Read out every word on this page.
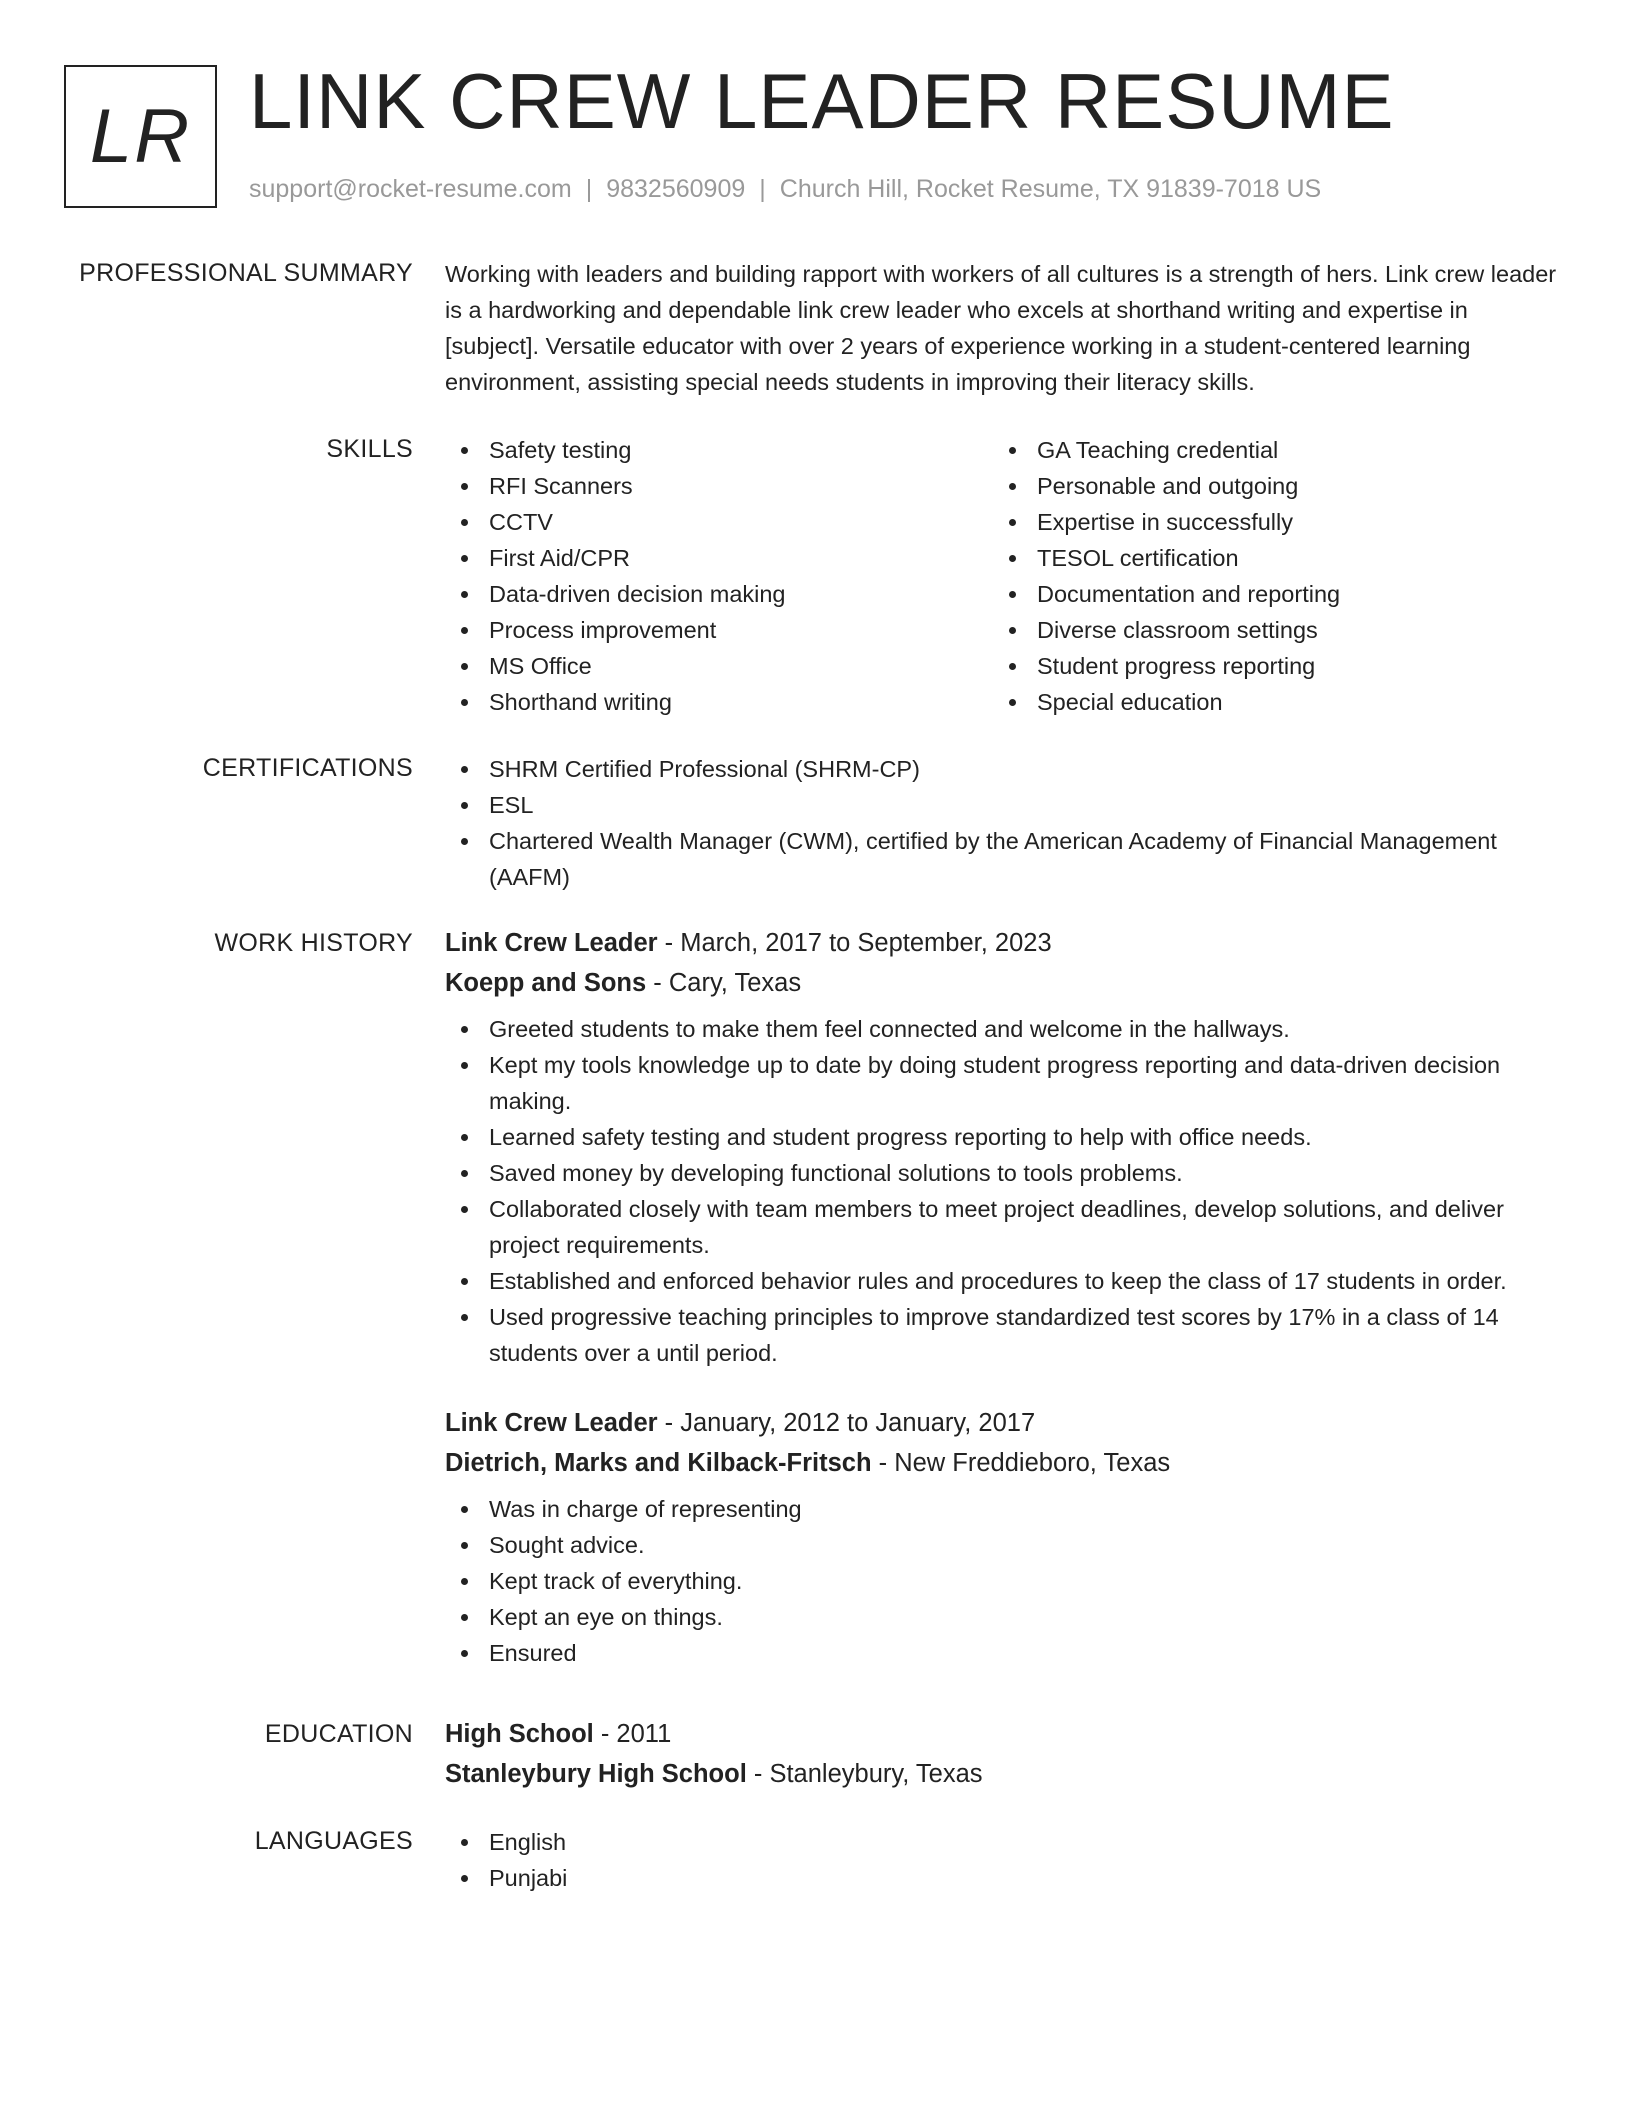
LR LINK CREW LEADER RESUME
support@rocket-resume.com | 9832560909 | Church Hill, Rocket Resume, TX 91839-7018 US
PROFESSIONAL SUMMARY Working with leaders and building rapport with workers of all cultures is a strength of hers. Link crew leader is a hardworking and dependable link crew leader who excels at shorthand writing and expertise in [subject]. Versatile educator with over 2 years of experience working in a student-centered learning environment, assisting special needs students in improving their literacy skills.

SKILLS	Safety testing
RFI Scanners
CCTV
First Aid/CPR
Data-driven decision making
Process improvement
MS Office
Shorthand writing
GA Teaching credential
Personable and outgoing
Expertise in successfully
TESOL certification
Documentation and reporting
Diverse classroom settings
Student progress reporting
Special education
CERTIFICATIONS	SHRM Certified Professional (SHRM-CP)
ESL
Chartered Wealth Manager (CWM), certified by the American Academy of Financial Management (AAFM)
WORK HISTORY Link Crew Leader - March, 2017 to September, 2023
Koepp and Sons - Cary, Texas
Greeted students to make them feel connected and welcome in the hallways.
Kept my tools knowledge up to date by doing student progress reporting and data-driven decision making.
Learned safety testing and student progress reporting to help with office needs.
Saved money by developing functional solutions to tools problems.
Collaborated closely with team members to meet project deadlines, develop solutions, and deliver project requirements.
Established and enforced behavior rules and procedures to keep the class of 17 students in order.
Used progressive teaching principles to improve standardized test scores by 17% in a class of 14 students over a until period.
Link Crew Leader - January, 2012 to January, 2017
Dietrich, Marks and Kilback-Fritsch - New Freddieboro, Texas
Was in charge of representing
Sought advice.
Kept track of everything.
Kept an eye on things.
Ensured
EDUCATION High School - 2011
Stanleybury High School - Stanleybury, Texas
LANGUAGES	English
Punjabi
